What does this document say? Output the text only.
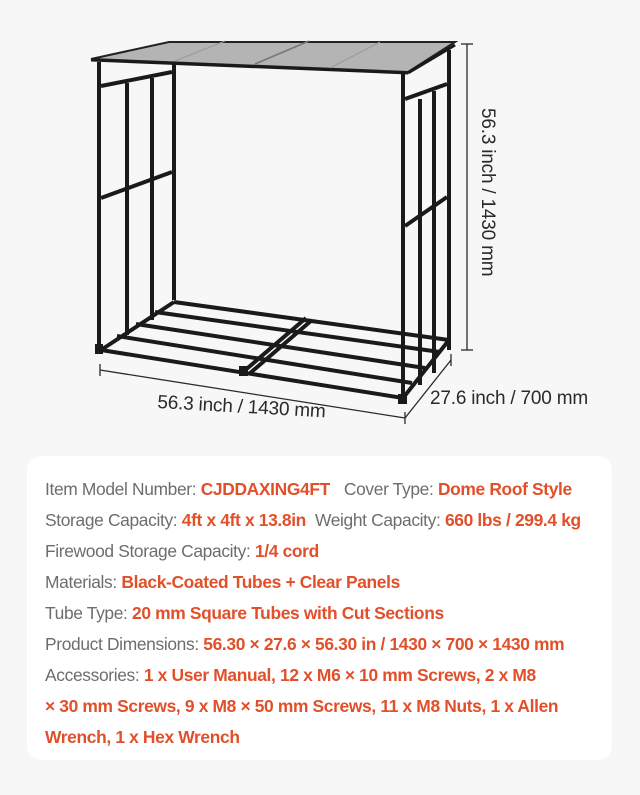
56.3 inch / 1430 mm	27.6 inch / 700 mm
56.3 inch / 1430 mm
Item Model Number: CJDDAXING4FT Cover Type: Dome Roof Style
Storage Capacity: 4ft x 4ft x 13.8in Weight Capacity: 660 lbs / 299.4 kg
Firewood Storage Capacity: 1/4 cord
Materials: Black-Coated Tubes + Clear Panels
Tube Type: 20 mm Square Tubes with Cut Sections
Product Dimensions: 56.30 × 27.6 × 56.30 in / 1430 × 700 × 1430 mm
Accessories: 1 x User Manual, 12 x M6 × 10 mm Screws, 2 x M8
× 30 mm Screws, 9 x M8 × 50 mm Screws, 11 x M8 Nuts, 1 x Allen
Wrench, 1 x Hex Wrench
